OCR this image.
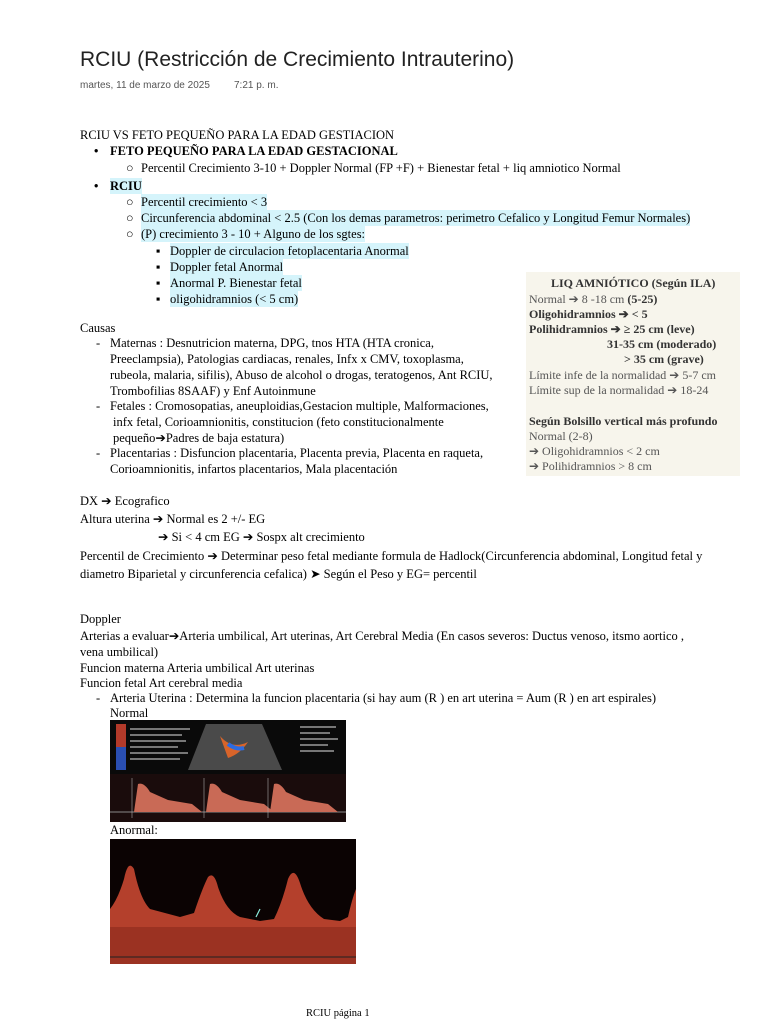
RCIU (Restricción de Crecimiento Intrauterino)
martes, 11 de marzo de 2025 7:21 p. m.
RCIU VS FETO PEQUEÑO PARA LA EDAD GESTIACION
• FETO PEQUEÑO PARA LA EDAD GESTACIONAL
○ Percentil Crecimiento 3-10 + Doppler Normal (FP +F) + Bienestar fetal + liq amniotico Normal
• RCIU
○ Percentil crecimiento < 3
○ Circunferencia abdominal < 2.5 (Con los demas parametros: perimetro Cefalico y Longitud Femur Normales)
○ (P) crecimiento 3 - 10 + Alguno de los sgtes:
▪ Doppler de circulacion fetoplacentaria Anormal
▪ Doppler fetal Anormal
▪ Anormal P. Bienestar fetal
▪ oligohidramnios (< 5 cm)
LIQ AMNIÓTICO (Según ILA)
Normal ➔ 8 -18 cm (5-25)
Oligohidramnios ➔ < 5
Polihidramnios ➔ ≥ 25 cm (leve)
31-35 cm (moderado)
> 35 cm (grave)
Límite infe de la normalidad ➔ 5-7 cm
Límite sup de la normalidad ➔ 18-24
Según Bolsillo vertical más profundo
Normal (2-8)
➔ Oligohidramnios < 2 cm
➔ Polihidramnios > 8 cm
Causas
- Maternas : Desnutricion materna, DPG, tnos HTA (HTA cronica,
Preeclampsia), Patologias cardiacas, renales, Infx x CMV, toxoplasma,
rubeola, malaria, sifilis), Abuso de alcohol o drogas, teratogenos, Ant RCIU,
Trombofilias 8SAAF) y Enf Autoinmune
- Fetales : Cromosopatias, aneuploidias,Gestacion multiple, Malformaciones,
infx fetal, Corioamnionitis, constitucion (feto constitucionalmente
pequeño➔Padres de baja estatura)
- Placentarias : Disfuncion placentaria, Placenta previa, Placenta en raqueta,
Corioamnionitis, infartos placentarios, Mala placentación
DX ➔ Ecografico
Altura uterina ➔ Normal es 2 +/- EG
➔ Si < 4 cm EG ➔ Sospx alt crecimiento
Percentil de Crecimiento ➔ Determinar peso fetal mediante formula de Hadlock(Circunferencia abdominal, Longitud fetal y
diametro Biparietal y circunferencia cefalica) ➤ Según el Peso y EG= percentil
Doppler
Arterias a evaluar➔Arteria umbilical, Art uterinas, Art Cerebral Media (En casos severos: Ductus venoso, itsmo aortico ,
vena umbilical)
Funcion materna Arteria umbilical Art uterinas
Funcion fetal Art cerebral media
- Arteria Uterina : Determina la funcion placentaria (si hay aum (R ) en art uterina = Aum (R ) en art espirales)
Normal
Anormal:
RCIU página 1
